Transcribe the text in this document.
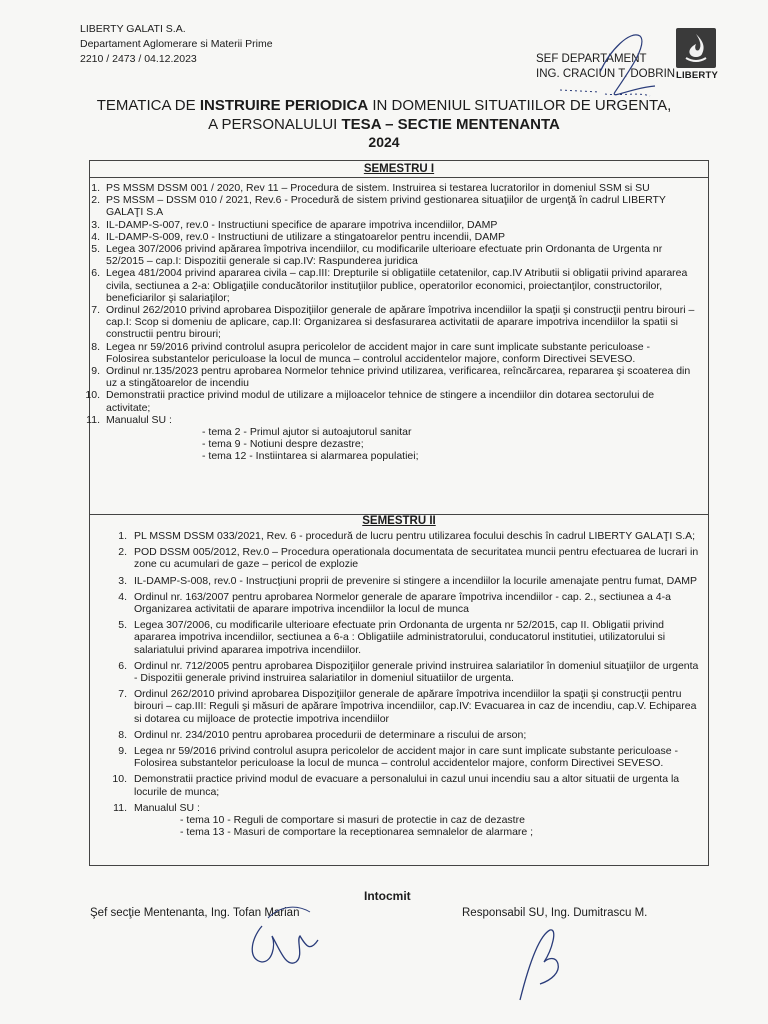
LIBERTY GALATI S.A.
Departament Aglomerare si Materii Prime
2210 / 2473 / 04.12.2023	SEF DEPARTAMENT
ING. CRACIUN T. DOBRIN LIBERTY
TEMATICA DE INSTRUIRE PERIODICA IN DOMENIUL SITUATIILOR DE URGENTA,
A PERSONALULUI TESA – SECTIE MENTENANTA
2024
SEMESTRU I
1. PS MSSM DSSM 001 / 2020, Rev 11 – Procedura de sistem. Instruirea si testarea lucratorilor in domeniul SSM si SU
2. PS MSSM – DSSM 010 / 2021, Rev.6 - Procedură de sistem privind gestionarea situaţiilor de urgenţă în cadrul LIBERTY GALAŢI S.A
3. IL-DAMP-S-007, rev.0 - Instructiuni specifice de aparare impotriva incendiilor, DAMP
4. IL-DAMP-S-009, rev.0 - Instructiuni de utilizare a stingatoarelor pentru incendii, DAMP
5. Legea 307/2006 privind apărarea împotriva incendiilor, cu modificarile ulterioare efectuate prin Ordonanta de Urgenta nr 52/2015 – cap.I: Dispozitii generale si cap.IV: Raspunderea juridica
6. Legea 481/2004 privind apararea civila – cap.III: Drepturile si obligatiile cetatenilor, cap.IV Atributii si obligatii privind apararea civila, sectiunea a 2-a: Obligaţiile conducătorilor instituţiilor publice, operatorilor economici, proiectanţilor, constructorilor, beneficiarilor şi salariaţilor;
7. Ordinul 262/2010 privind aprobarea Dispoziţiilor generale de apărare împotriva incendiilor la spaţii şi construcţii pentru birouri – cap.I: Scop si domeniu de aplicare, cap.II: Organizarea si desfasurarea activitatii de aparare impotriva incendiilor la spatii si constructii pentru birouri;
8. Legea nr 59/2016 privind controlul asupra pericolelor de accident major in care sunt implicate substante periculoase - Folosirea substantelor periculoase la locul de munca – controlul accidentelor majore, conform Directivei SEVESO.
9. Ordinul nr.135/2023 pentru aprobarea Normelor tehnice privind utilizarea, verificarea, reîncărcarea, repararea şi scoaterea din uz a stingătoarelor de incendiu
10. Demonstratii practice privind modul de utilizare a mijloacelor tehnice de stingere a incendiilor din dotarea sectorului de activitate;
11. Manualul SU :
- tema 2 - Primul ajutor si autoajutorul sanitar
- tema 9 - Notiuni despre dezastre;
- tema 12 - Instiintarea si alarmarea populatiei;
SEMESTRU II
1. PL MSSM DSSM 033/2021, Rev. 6 - procedură de lucru pentru utilizarea focului deschis în cadrul LIBERTY GALAŢI S.A;
2. POD DSSM 005/2012, Rev.0 – Procedura operationala documentata de securitatea muncii pentru efectuarea de lucrari in zone cu acumulari de gaze – pericol de explozie
3. IL-DAMP-S-008, rev.0 - Instrucţiuni proprii de prevenire si stingere a incendiilor la locurile amenajate pentru fumat, DAMP
4. Ordinul nr. 163/2007 pentru aprobarea Normelor generale de aparare împotriva incendiilor - cap. 2., sectiunea a 4-a Organizarea activitatii de aparare impotriva incendiilor la locul de munca
5. Legea 307/2006, cu modificarile ulterioare efectuate prin Ordonanta de urgenta nr 52/2015, cap II. Obligatii privind apararea impotriva incendiilor, sectiunea a 6-a : Obligatiile administratorului, conducatorul institutiei, utilizatorului si salariatului privind apararea impotriva incendiilor.
6. Ordinul nr. 712/2005 pentru aprobarea Dispoziţiilor generale privind instruirea salariatilor în domeniul situaţiilor de urgenta - Dispozitii generale privind instruirea salariatilor in domeniul situatiilor de urgenta.
7. Ordinul 262/2010 privind aprobarea Dispoziţiilor generale de apărare împotriva incendiilor la spaţii şi construcţii pentru birouri – cap.III: Reguli şi măsuri de apărare împotriva incendiilor, cap.IV: Evacuarea in caz de incendiu, cap.V. Echiparea si dotarea cu mijloace de protectie impotriva incendiilor
8. Ordinul nr. 234/2010 pentru aprobarea procedurii de determinare a riscului de arson;
9. Legea nr 59/2016 privind controlul asupra pericolelor de accident major in care sunt implicate substante periculoase - Folosirea substantelor periculoase la locul de munca – controlul accidentelor majore, conform Directivei SEVESO.
10. Demonstratii practice privind modul de evacuare a personalului in cazul unui incendiu sau a altor situatii de urgenta la locurile de munca;
11. Manualul SU :
- tema 10 - Reguli de comportare si masuri de protectie in caz de dezastre
- tema 13 - Masuri de comportare la receptionarea semnalelor de alarmare ;
Intocmit
Şef secţie Mentenanta, Ing. Tofan Marian	Responsabil SU, Ing. Dumitrascu M.
